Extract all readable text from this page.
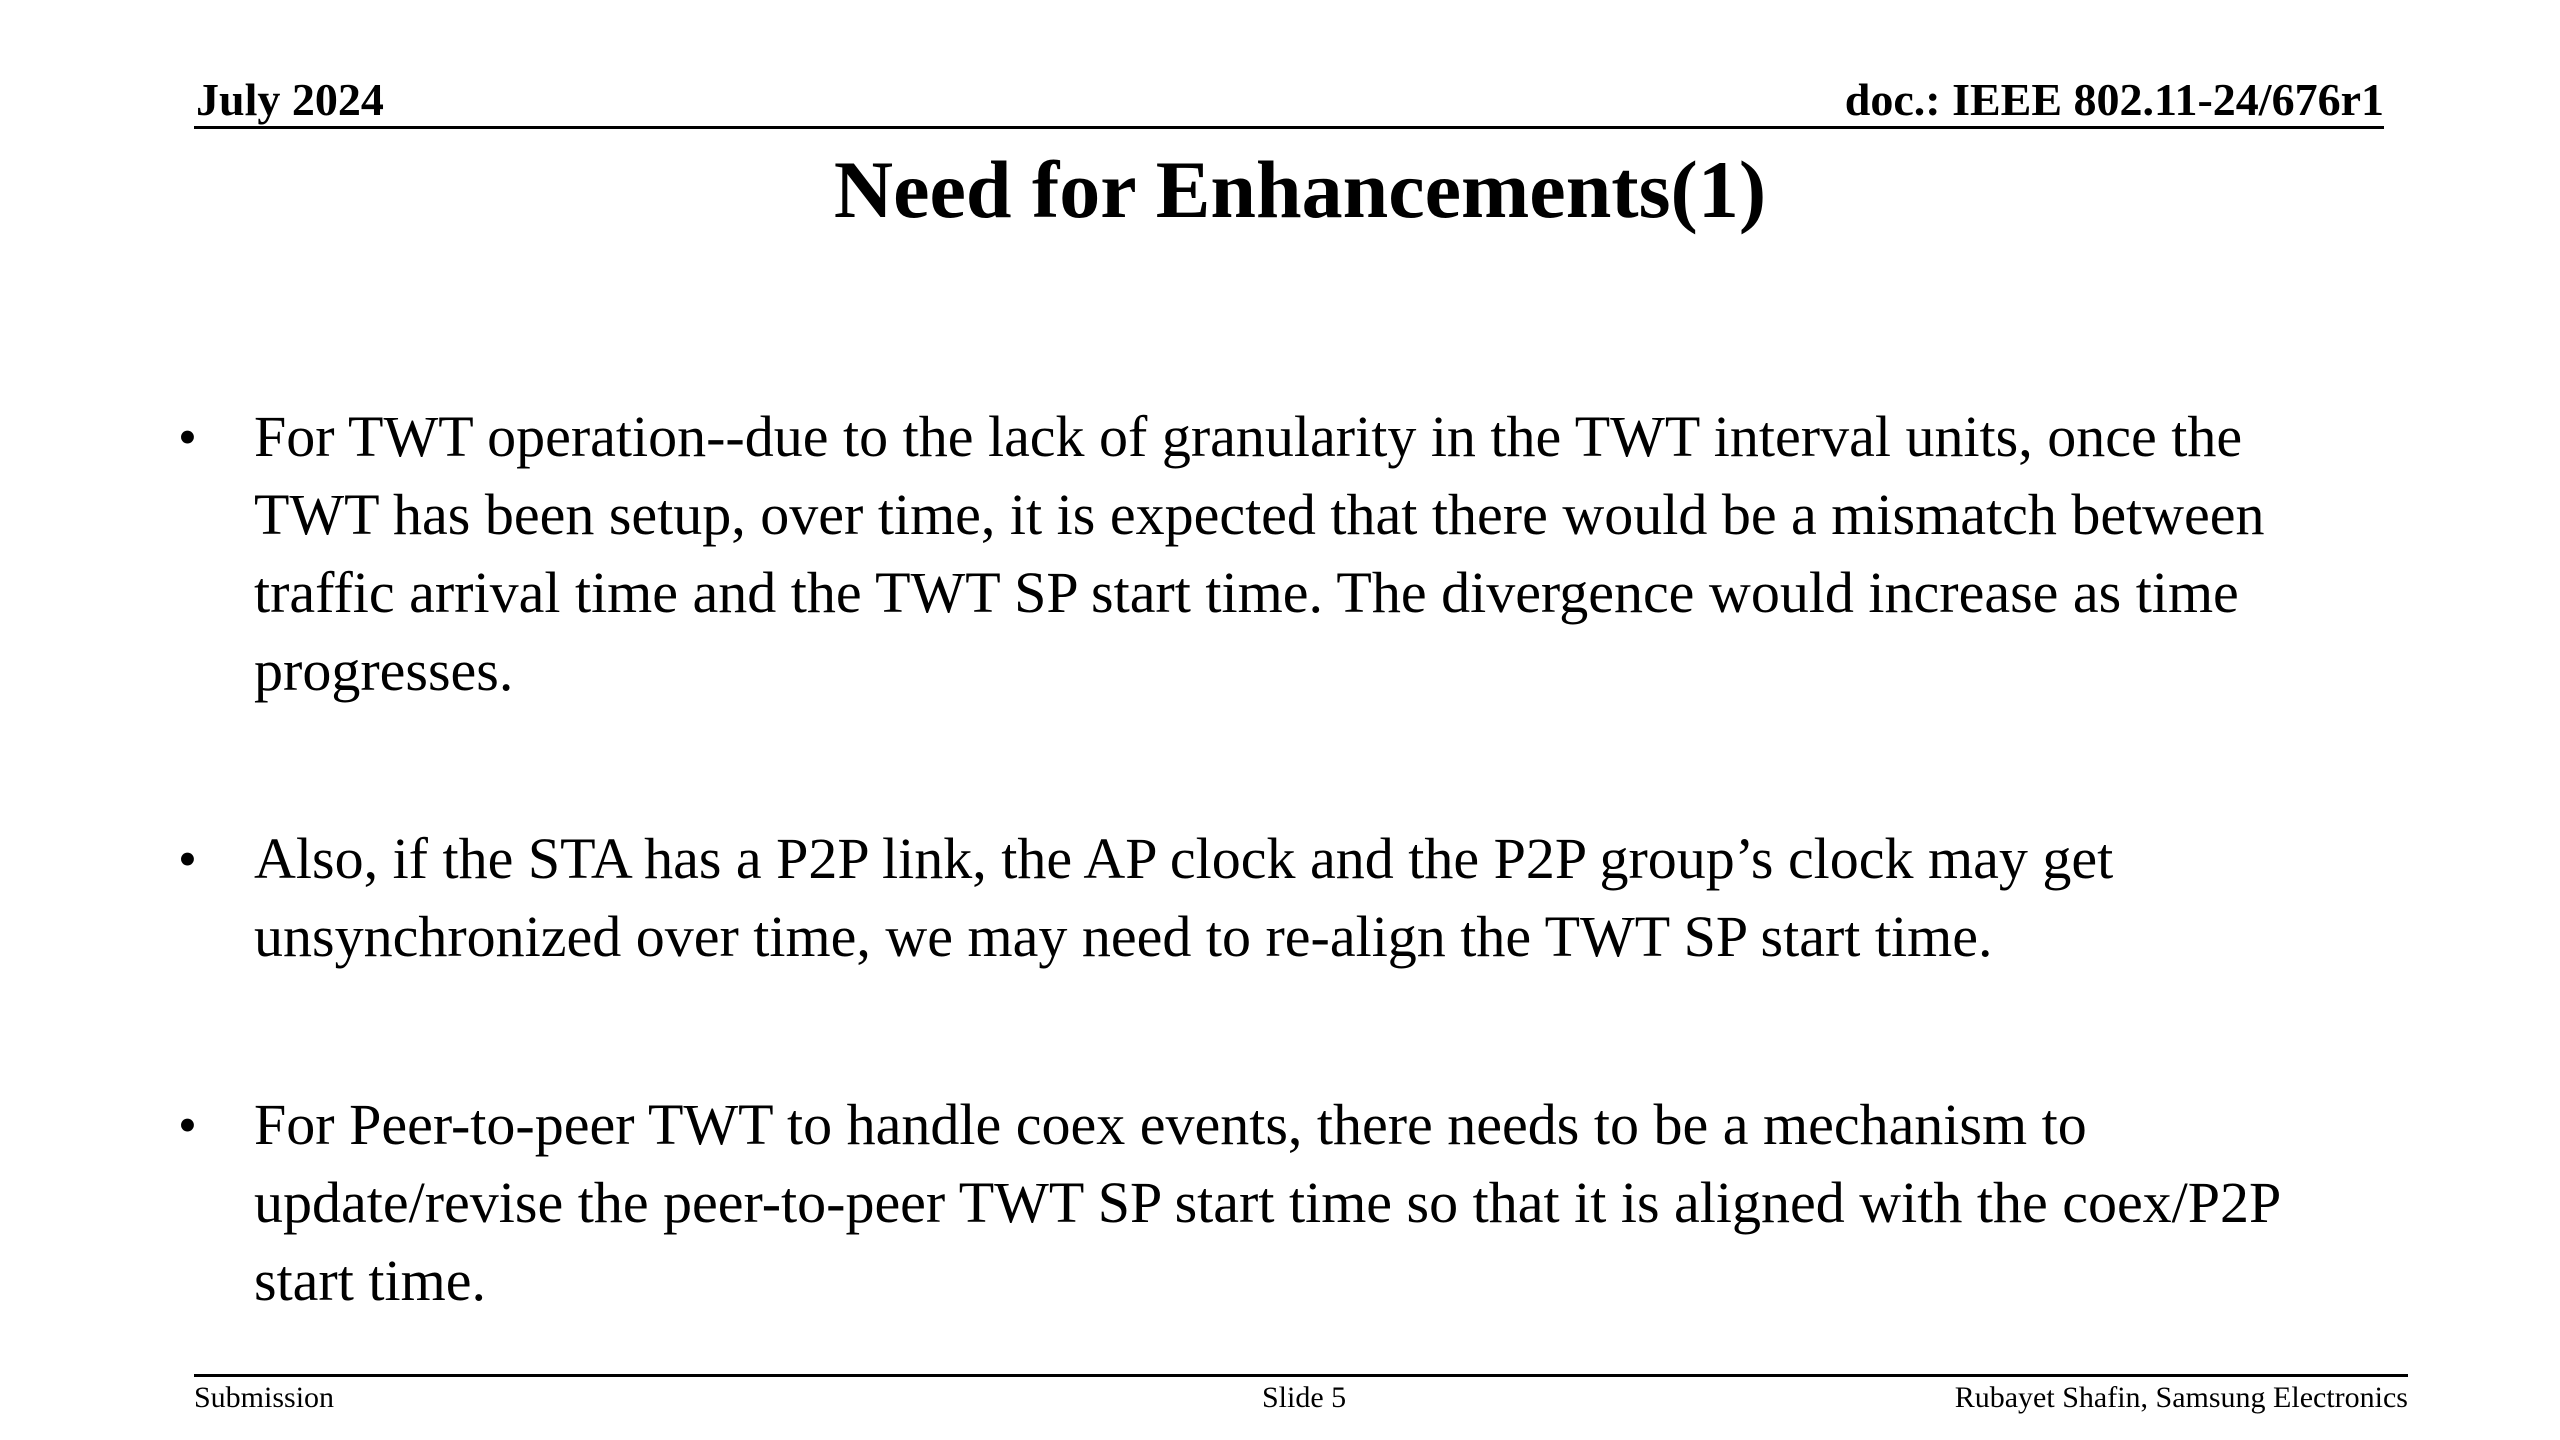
July 2024	doc.: IEEE 802.11-24/676r1
Need for Enhancements(1)
• For TWT operation--due to the lack of granularity in the TWT interval units, once the
TWT has been setup, over time, it is expected that there would be a mismatch between
traffic arrival time and the TWT SP start time. The divergence would increase as time
progresses.

• Also, if the STA has a P2P link, the AP clock and the P2P group’s clock may get
unsynchronized over time, we may need to re-align the TWT SP start time.

• For Peer-to-peer TWT to handle coex events, there needs to be a mechanism to
update/revise the peer-to-peer TWT SP start time so that it is aligned with the coex/P2P
start time.

Submission	Slide 5	Rubayet Shafin, Samsung Electronics
